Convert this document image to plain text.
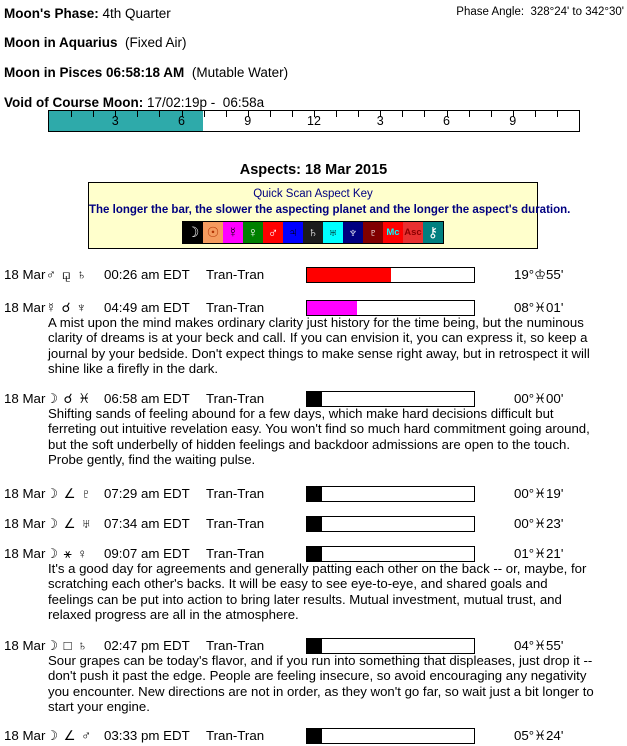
Moon's Phase: 4th Quarter	Phase Angle:  328°24' to 342°30'
Moon in Aquarius (Fixed Air)
Moon in Pisces 06:58:18 AM (Mutable Water)
Void of Course Moon: 17/02:19p -  06:58a
3	6	9	12	3	6	9
Aspects: 18 Mar 2015
Quick Scan Aspect Key
The longer the bar, the slower the aspecting planet and the longer the aspect's duration.
☽ ☉ ☿ ♀ ♂ ♃ ♄ ♅ ♆ ♇ Mc Asc ⚷
18 Mar ♂ ⚼ ♄ 00:26 am EDT Tran-Tran	19°♔55'
18 Mar ☿ ☌ ♆ 04:49 am EDT Tran-Tran	08°♓01'
A mist upon the mind makes ordinary clarity just history for the time being, but the numinous clarity of dreams is at your beck and call. If you can envision it, you can express it, so keep a journal by your bedside. Don't expect things to make sense right away, but in retrospect it will shine like a firefly in the dark.
18 Mar ☽ ☌ ♓ 06:58 am EDT Tran-Tran	00°♓00'
Shifting sands of feeling abound for a few days, which make hard decisions difficult but ferreting out intuitive revelation easy. You won't find so much hard commitment going around, but the soft underbelly of hidden feelings and backdoor admissions are open to the touch. Probe gently, find the waiting pulse.
18 Mar ☽ ∠ ♇ 07:29 am EDT Tran-Tran	00°♓19'
18 Mar ☽ ∠ ♅ 07:34 am EDT Tran-Tran	00°♓23'
18 Mar ☽ ⚹ ♀ 09:07 am EDT Tran-Tran	01°♓21'
It's a good day for agreements and generally patting each other on the back -- or, maybe, for scratching each other's backs. It will be easy to see eye-to-eye, and shared goals and feelings can be put into action to bring later results. Mutual investment, mutual trust, and relaxed progress are all in the atmosphere.
18 Mar ☽ □ ♄ 02:47 pm EDT Tran-Tran	04°♓55'
Sour grapes can be today's flavor, and if you run into something that displeases, just drop it -- don't push it past the edge. People are feeling insecure, so avoid encouraging any negativity you encounter. New directions are not in order, as they won't go far, so wait just a bit longer to start your engine.
18 Mar ☽ ∠ ♂ 03:33 pm EDT Tran-Tran	05°♓24'
